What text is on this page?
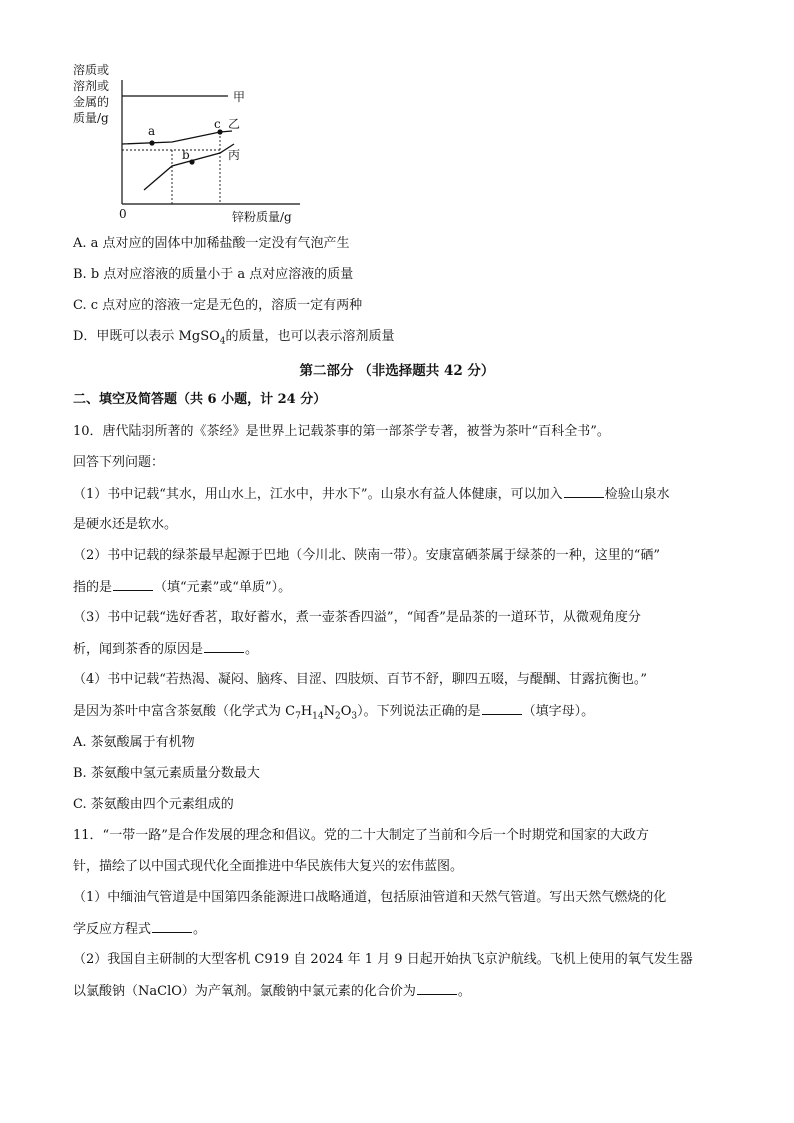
溶质或
溶剂或
金属的
质量/g
0	锌粉质量/g
甲
乙
丙
a
b
c
A. a 点对应的固体中加稀盐酸一定没有气泡产生
B. b 点对应溶液的质量小于 a 点对应溶液的质量
C. c 点对应的溶液一定是无色的，溶质一定有两种
D．甲既可以表示 MgSO$_4$的质量，也可以表示溶剂质量
第二部分 （非选择题共 42 分）
二、填空及简答题（共 6 小题，计 24 分）
10．唐代陆羽所著的《茶经》是世界上记载茶事的第一部茶学专著，被誉为茶叶“百科全书”。
回答下列问题：
（1）书中记载“其水，用山水上，江水中，井水下”。山泉水有益人体健康，可以加入	检验山泉水
是硬水还是软水。
（2）书中记载的绿茶最早起源于巴地（今川北、陕南一带）。安康富硒茶属于绿茶的一种，这里的“硒”
指的是	（填“元素”或“单质”）。
（3）书中记载“选好香茗，取好蓄水，煮一壶茶香四溢”，“闻香”是品茶的一道环节，从微观角度分
析，闻到茶香的原因是	。
（4）书中记载“若热渴、凝闷、脑疼、目涩、四肢烦、百节不舒，聊四五啜，与醍醐、甘露抗衡也。”
是因为茶叶中富含茶氨酸（化学式为 $C_7H_{14}N_2O_3$）。下列说法正确的是	（填字母）。
A. 茶氨酸属于有机物
B. 茶氨酸中氢元素质量分数最大
C. 茶氨酸由四个元素组成的
11．“一带一路”是合作发展的理念和倡议。党的二十大制定了当前和今后一个时期党和国家的大政方
针，描绘了以中国式现代化全面推进中华民族伟大复兴的宏伟蓝图。
（1）中缅油气管道是中国第四条能源进口战略通道，包括原油管道和天然气管道。写出天然气燃烧的化
学反应方程式	。
（2）我国自主研制的大型客机 C919 自 2024 年 1 月 9 日起开始执飞京沪航线。飞机上使用的氧气发生器
以氯酸钠（NaClO）为产氧剂。氯酸钠中氯元素的化合价为	。
